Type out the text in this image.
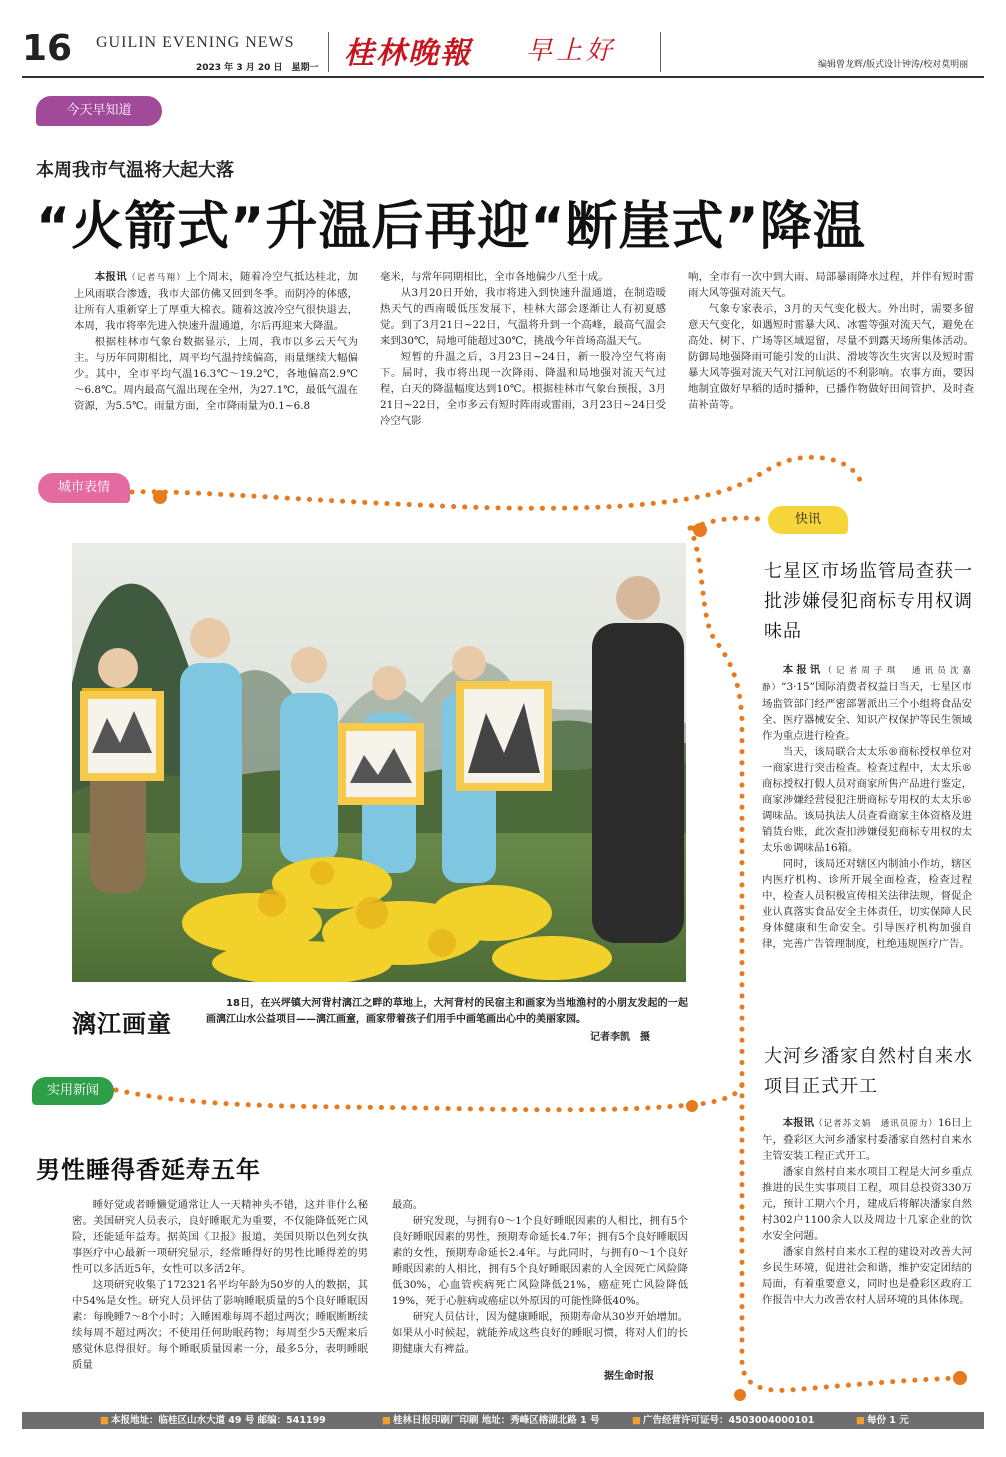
16 GUILIN EVENING NEWS
2023 年 3 月 20 日　星期一 桂林晚報 早上好	编辑曾龙辉/版式设计钟涛/校对莫明丽
今天早知道
城市表情
快讯
实用新闻
本周我市气温将大起大落
“火箭式”升温后再迎“断崖式”降温

本报讯（记者马翔）上个周末，随着冷空气抵达桂北，加上风雨联合渗透，我市大部仿佛又回到冬季。而阴冷的体感，让所有人重新穿上了厚重大棉衣。随着这波冷空气很快退去，本周，我市将率先进入快速升温通道，尔后再迎来大降温。

根据桂林市气象台数据显示，上周，我市以多云天气为主。与历年同期相比，周平均气温持续偏高，雨量继续大幅偏少。其中，全市平均气温16.3℃～19.2℃，各地偏高2.9℃～6.8℃。周内最高气温出现在全州，为27.1℃，最低气温在资源，为5.5℃。雨量方面，全市降雨量为0.1~6.8

毫米，与常年同期相比，全市各地偏少八至十成。

从3月20日开始，我市将进入到快速升温通道，在制造暖热天气的西南暖低压发展下，桂林大部会逐渐让人有初夏感觉。到了3月21日~22日，气温将升到一个高峰，最高气温会来到30℃，局地可能超过30℃，挑战今年首场高温天气。

短暂的升温之后，3月23日~24日，新一股冷空气将南下。届时，我市将出现一次降雨、降温和局地强对流天气过程，白天的降温幅度达到10℃。根据桂林市气象台预报，3月21日~22日，全市多云有短时阵雨或雷雨，3月23日~24日受冷空气影

响，全市有一次中到大雨、局部暴雨降水过程，并伴有短时雷雨大风等强对流天气。

气象专家表示，3月的天气变化极大。外出时，需要多留意天气变化，如遇短时雷暴大风、冰雹等强对流天气，避免在高处、树下、广场等区域逗留，尽量不到露天场所集体活动。防御局地强降雨可能引发的山洪、滑坡等次生灾害以及短时雷暴大风等强对流天气对江河航运的不利影响。农事方面，要因地制宜做好早稻的适时播种，已播作物做好田间管护、及时查苗补苗等。

漓江画童

18日，在兴坪镇大河背村漓江之畔的草地上，大河背村的民宿主和画家为当地渔村的小朋友发起的一起画漓江山水公益项目——漓江画童，画家带着孩子们用手中画笔画出心中的美丽家园。

记者李凯　摄
七星区市场监管局查获一批涉嫌侵犯商标专用权调味品

本报讯（记者周子琪　通讯员沈嘉静）“3·15”国际消费者权益日当天，七星区市场监管部门经严密部署派出三个小组将食品安全、医疗器械安全、知识产权保护等民生领域作为重点进行检查。

当天，该局联合太太乐®商标授权单位对一商家进行突击检查。检查过程中，太太乐®商标授权打假人员对商家所售产品进行鉴定，商家涉嫌经营侵犯注册商标专用权的太太乐®调味品。该局执法人员查看商家主体资格及进销货台账，此次查扣涉嫌侵犯商标专用权的太太乐®调味品16箱。

同时，该局还对辖区内制油小作坊，辖区内医疗机构、诊所开展全面检查，检查过程中，检查人员积极宣传相关法律法规，督促企业认真落实食品安全主体责任，切实保障人民身体健康和生命安全。引导医疗机构加强自律，完善广告管理制度，杜绝违规医疗广告。

大河乡潘家自然村自来水项目正式开工

本报讯（记者苏文娟　通讯员原力）16日上午，叠彩区大河乡潘家村委潘家自然村自来水主管安装工程正式开工。

潘家自然村自来水项目工程是大河乡重点推进的民生实事项目工程，项目总投资330万元，预计工期六个月，建成后将解决潘家自然村302户1100余人以及周边十几家企业的饮水安全问题。

潘家自然村自来水工程的建设对改善大河乡民生环境，促进社会和谐，维护安定团结的局面，有着重要意义，同时也是叠彩区政府工作报告中大力改善农村人居环境的具体体现。

男性睡得香延寿五年

睡好觉或者睡懒觉通常让人一天精神头不错，这并非什么秘密。美国研究人员表示，良好睡眠尤为重要，不仅能降低死亡风险，还能延年益寿。据英国《卫报》报道，美国贝斯以色列女执事医疗中心最新一项研究显示，经常睡得好的男性比睡得差的男性可以多活近5年，女性可以多活2年。

这项研究收集了172321名平均年龄为50岁的人的数据，其中54%是女性。研究人员评估了影响睡眠质量的5个良好睡眠因素：每晚睡7～8个小时；入睡困难每周不超过两次；睡眠断断续续每周不超过两次；不使用任何助眠药物；每周至少5天醒来后感觉休息得很好。每个睡眠质量因素一分，最多5分，表明睡眠质量

最高。

研究发现，与拥有0～1个良好睡眠因素的人相比，拥有5个良好睡眠因素的男性，预期寿命延长4.7年；拥有5个良好睡眠因素的女性，预期寿命延长2.4年。与此同时，与拥有0～1个良好睡眠因素的人相比，拥有5个良好睡眠因素的人全因死亡风险降低30%，心血管疾病死亡风险降低21%，癌症死亡风险降低19%，死于心脏病或癌症以外原因的可能性降低40%。

研究人员估计，因为健康睡眠，预期寿命从30岁开始增加。如果从小时候起，就能养成这些良好的睡眠习惯，将对人们的长期健康大有裨益。

据生命时报
■ 本报地址：临桂区山水大道 49 号 邮编：541199	■ 桂林日报印刷厂印刷 地址：秀峰区榕湖北路 1 号	■ 广告经营许可证号：4503004000101	■ 每份 1 元
